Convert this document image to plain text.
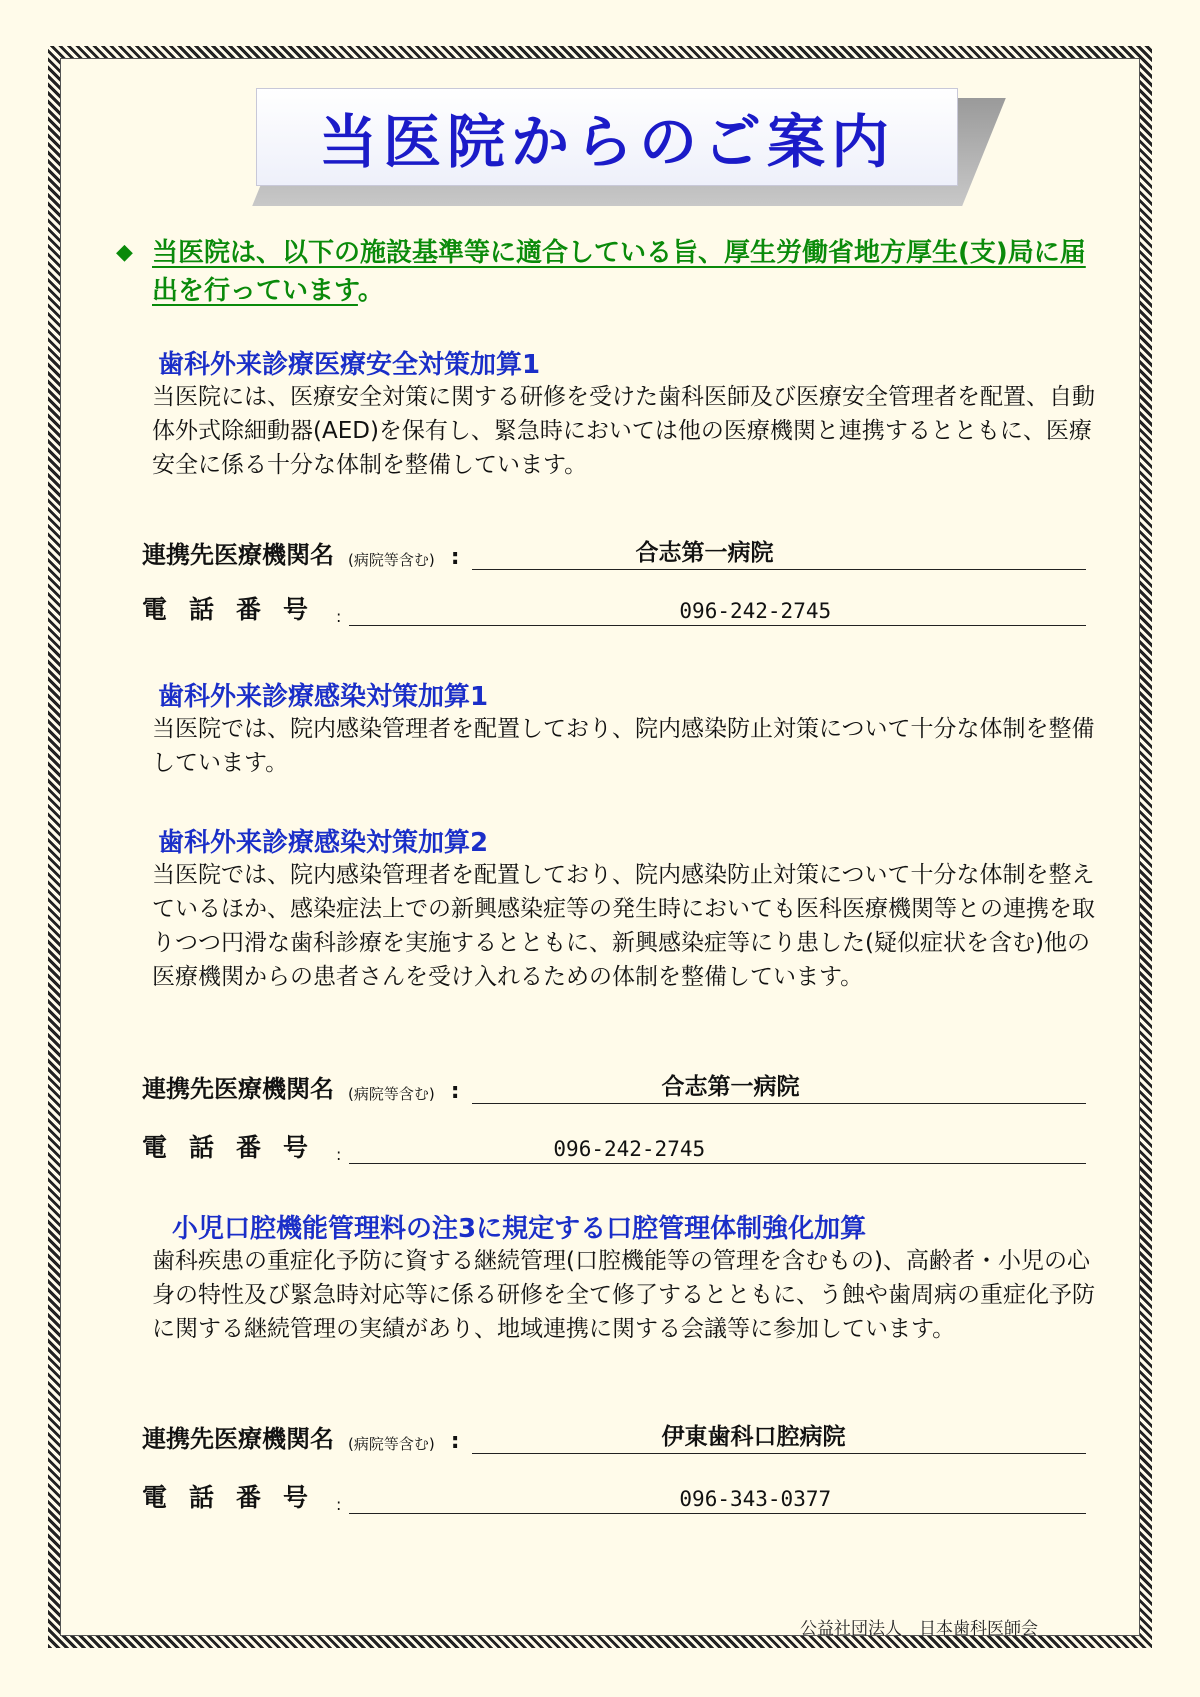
当医院からのご案内
◆ 当医院は、以下の施設基準等に適合している旨、厚生労働省地方厚生(支)局に届出を行っています。
歯科外来診療医療安全対策加算1
当医院には、医療安全対策に関する研修を受けた歯科医師及び医療安全管理者を配置、自動体外式除細動器(AED)を保有し、緊急時においては他の医療機関と連携するとともに、医療安全に係る十分な体制を整備しています。
連携先医療機関名 (病院等含む) :	合志第一病院
電話番号 :	096-242-2745
歯科外来診療感染対策加算1
当医院では、院内感染管理者を配置しており、院内感染防止対策について十分な体制を整備しています。
歯科外来診療感染対策加算2
当医院では、院内感染管理者を配置しており、院内感染防止対策について十分な体制を整えているほか、感染症法上での新興感染症等の発生時においても医科医療機関等との連携を取りつつ円滑な歯科診療を実施するとともに、新興感染症等にり患した(疑似症状を含む)他の医療機関からの患者さんを受け入れるための体制を整備しています。
連携先医療機関名 (病院等含む) :	合志第一病院
電話番号 :	096-242-2745
小児口腔機能管理料の注3に規定する口腔管理体制強化加算
歯科疾患の重症化予防に資する継続管理(口腔機能等の管理を含むもの)、高齢者・小児の心身の特性及び緊急時対応等に係る研修を全て修了するとともに、う蝕や歯周病の重症化予防に関する継続管理の実績があり、地域連携に関する会議等に参加しています。
連携先医療機関名 (病院等含む) :	伊東歯科口腔病院
電話番号 :	096-343-0377
公益社団法人　日本歯科医師会
